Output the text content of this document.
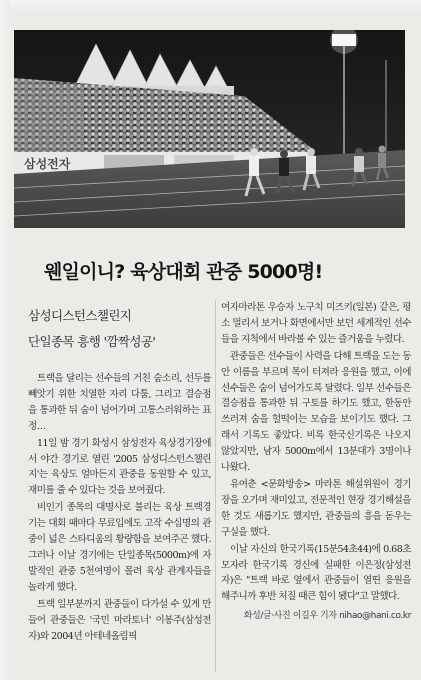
삼성전자
웬일이니? 육상대회 관중 5000명!
삼성디스턴스챌린지
단일종목 흥행 '깜짝성공'

트랙을 달리는 선수들의 거친 숨소리, 선두를 빼앗기 위한 치열한 자리 다툼, 그리고 결승점을 통과한 뒤 숨이 넘어가며 고통스러워하는 표정…

11일 밤 경기 화성시 삼성전자 육상경기장에서 야간 경기로 열린 '2005 삼성디스턴스챌린지'는 육상도 얼마든지 관중을 동원할 수 있고, 재미를 줄 수 있다는 것을 보여줬다.

비인기 종목의 대명사로 불리는 육상 트랙경기는 대회 때마다 무료입에도 고작 수십명의 관중이 넓은 스타디움의 황량함을 보여주곤 했다. 그러나 이날 경기에는 단일종목(5000m)에 자발적인 관중 5천여명이 몰려 육상 관계자들을 놀라게 했다.

트랙 일부분까지 관중들이 다가설 수 있게 만들어 관중들은 '국민 마라토너' 이봉주(삼성전자)와 2004년 아테네올림픽

여자마라톤 우승자 노구치 미즈키(일본) 같은, 평소 멀리서 보거나 화면에서만 보던 세계적인 선수들을 지척에서 바라볼 수 있는 즐거움을 누렸다.

관중들은 선수들이 사력을 다해 트랙을 도는 동안 이름을 부르며 목이 터져라 응원을 했고, 이에 선수들은 숨이 넘어가도록 달렸다. 일부 선수들은 결승점을 통과한 뒤 구토를 하기도 했고, 한동안 쓰러져 숨을 헐떡이는 모습을 보이기도 했다. 그래서 기록도 좋았다. 비록 한국신기록은 나오지 않았지만, 남자 5000m에서 13분대가 3명이나 나왔다.

유여춘 <문화방송> 마라톤 해설위원이 경기장을 오가며 재미있고, 전문적인 현장 경기해설을 한 것도 새롭기도 했지만, 관중들의 흥을 돋우는 구실을 했다.

이날 자신의 한국기록(15분54초44)에 0.68초 모자라 한국기록 경신에 실패한 이은정(삼성전자)은 "트랙 바로 옆에서 관중들이 열띤 응원을 해주니까 후반 처질 때큰 힘이 됐다"고 말했다.

화성/글·사진 이길우 기자 nihao@hani.co.kr
